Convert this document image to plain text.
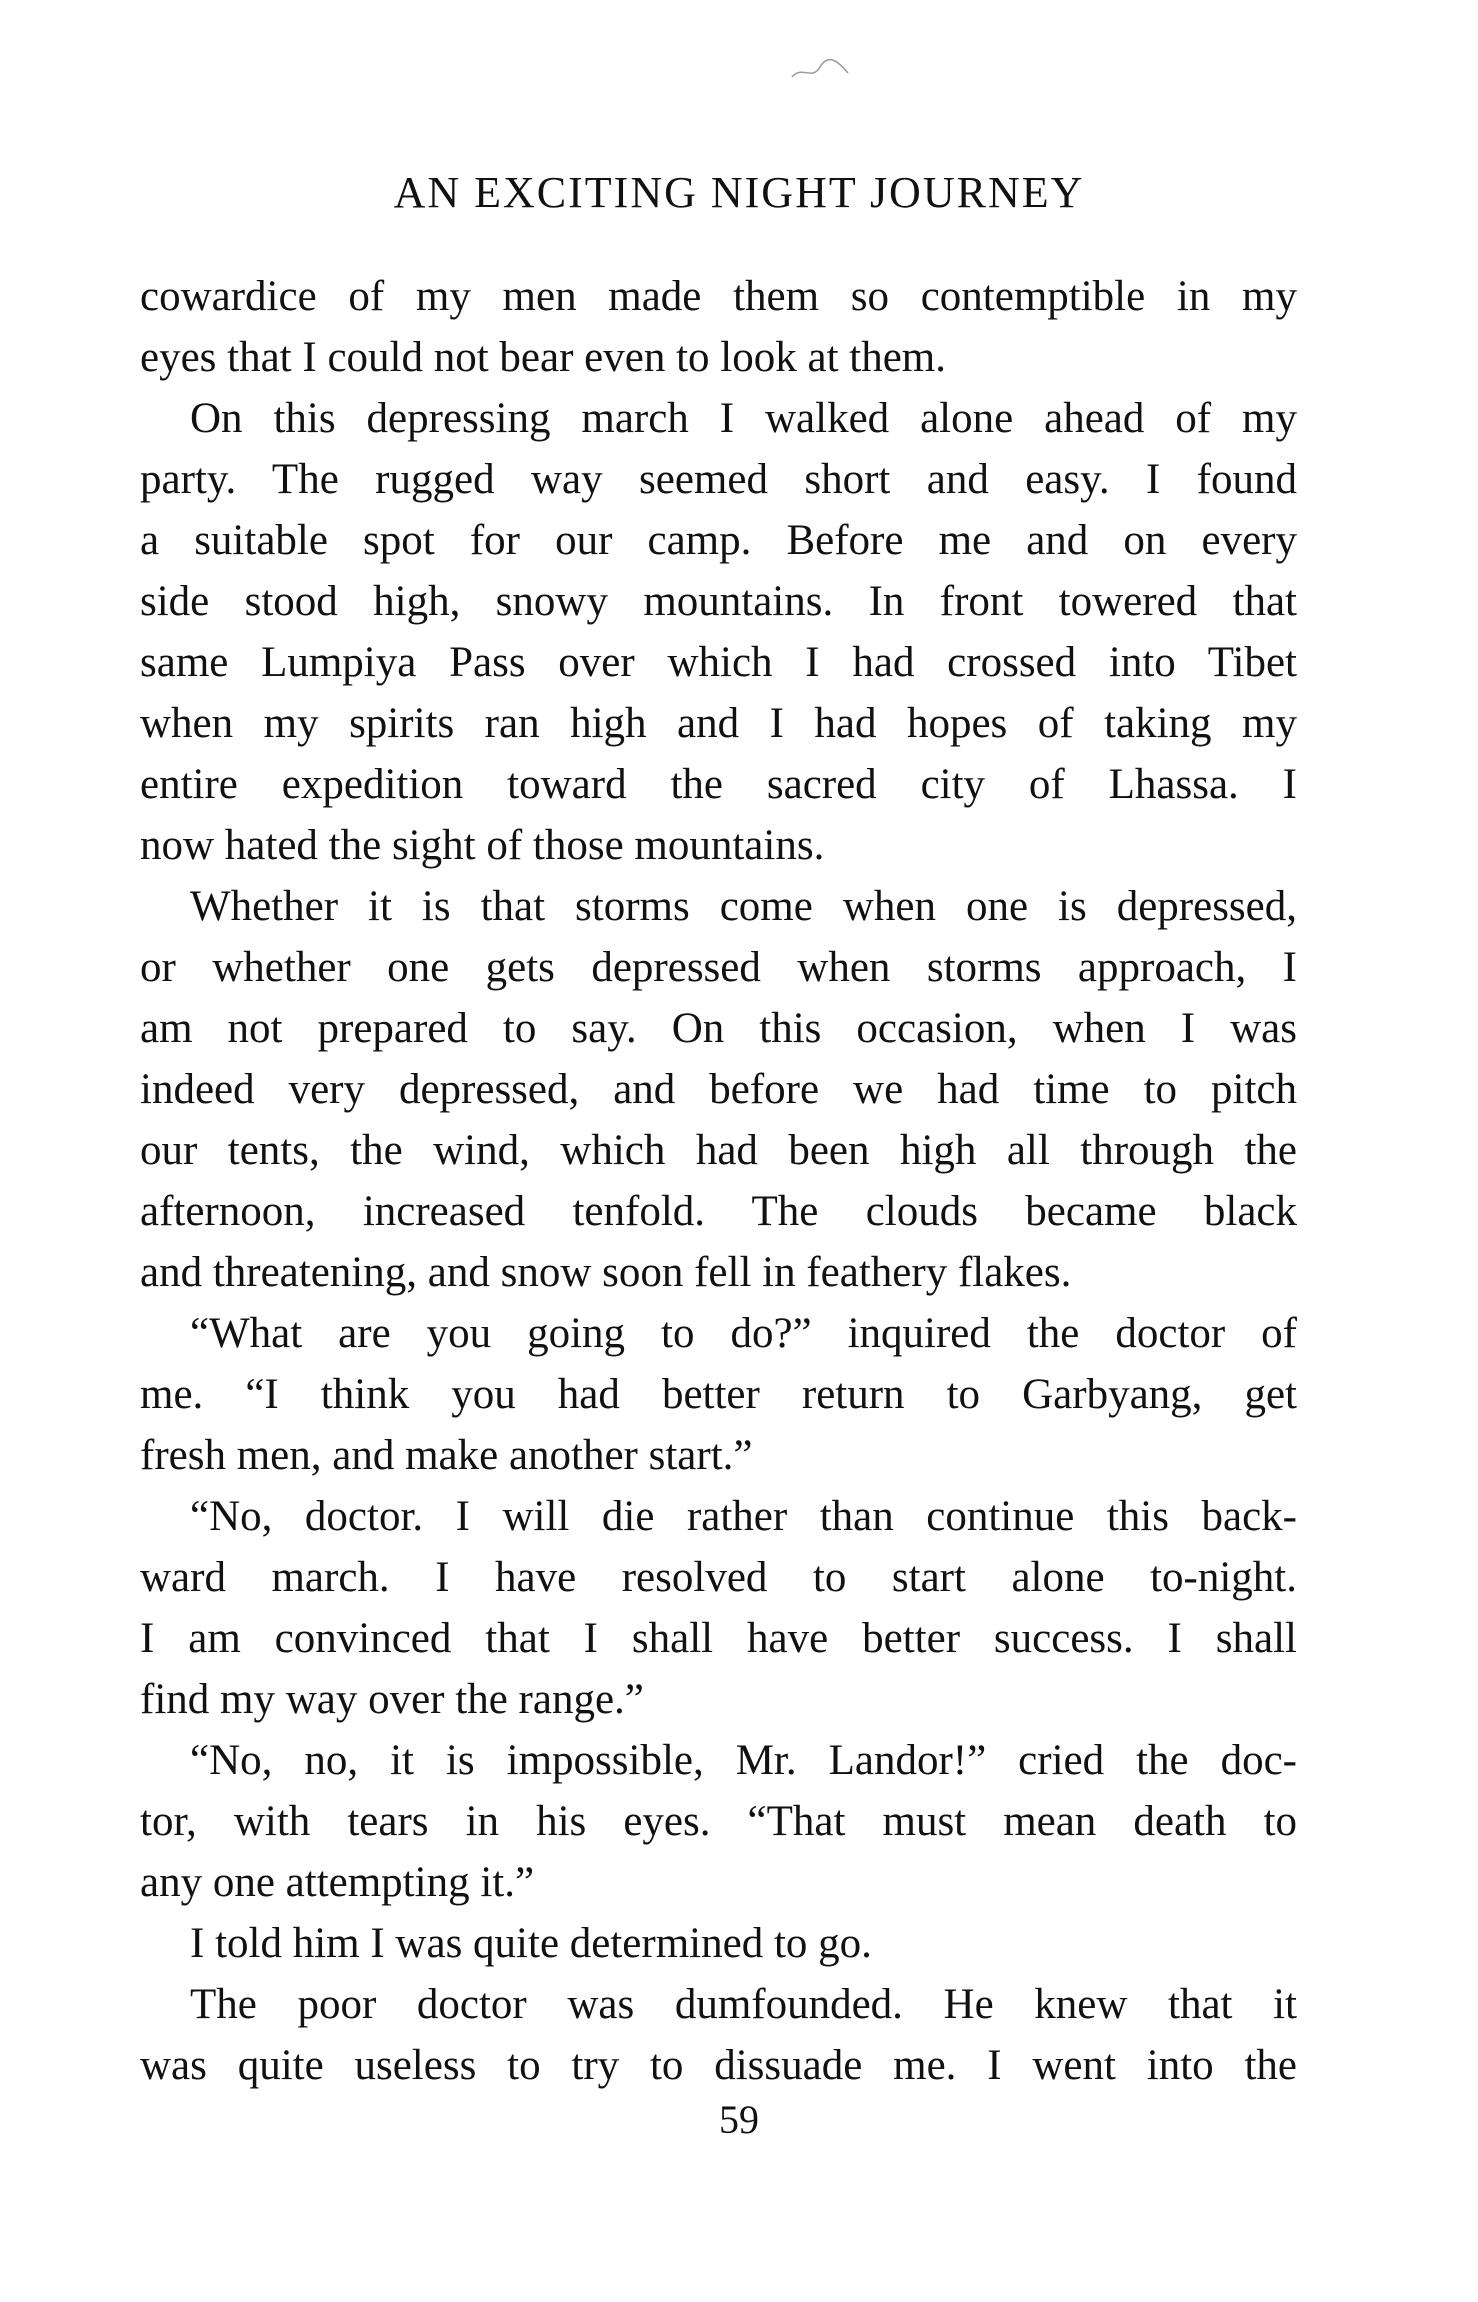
AN EXCITING NIGHT JOURNEY
cowardice of my men made them so contemptible in my
eyes that I could not bear even to look at them.
On this depressing march I walked alone ahead of my
party. The rugged way seemed short and easy. I found
a suitable spot for our camp. Before me and on every
side stood high, snowy mountains. In front towered that
same Lumpiya Pass over which I had crossed into Tibet
when my spirits ran high and I had hopes of taking my
entire expedition toward the sacred city of Lhassa. I
now hated the sight of those mountains.
Whether it is that storms come when one is depressed,
or whether one gets depressed when storms approach, I
am not prepared to say. On this occasion, when I was
indeed very depressed, and before we had time to pitch
our tents, the wind, which had been high all through the
afternoon, increased tenfold. The clouds became black
and threatening, and snow soon fell in feathery flakes.
“What are you going to do?” inquired the doctor of
me. “I think you had better return to Garbyang, get
fresh men, and make another start.”
“No, doctor. I will die rather than continue this back-
ward march. I have resolved to start alone to-night.
I am convinced that I shall have better success. I shall
find my way over the range.”
“No, no, it is impossible, Mr. Landor!” cried the doc-
tor, with tears in his eyes. “That must mean death to
any one attempting it.”
I told him I was quite determined to go.
The poor doctor was dumfounded. He knew that it
was quite useless to try to dissuade me. I went into the
59
